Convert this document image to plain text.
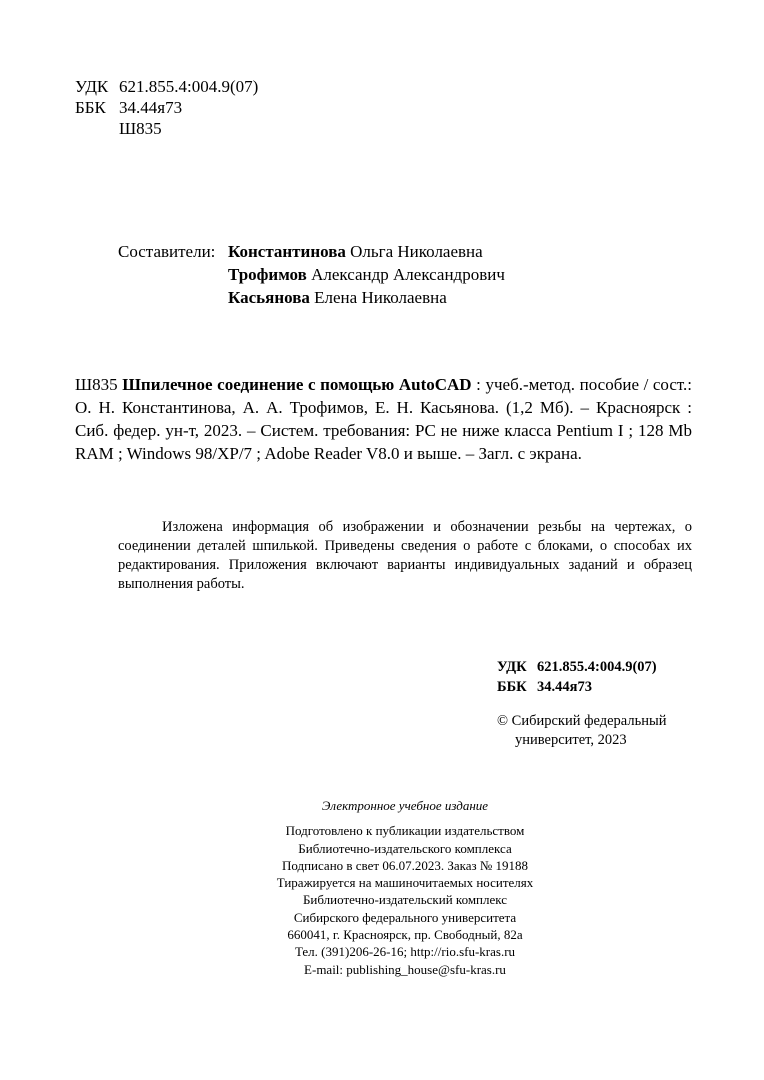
УДК 621.855.4:004.9(07)
ББК 34.44я73
Ш835
Составители: Константинова Ольга Николаевна
Трофимов Александр Александрович
Касьянова Елена Николаевна
Ш835 Шпилечное соединение с помощью AutoCAD : учеб.-метод. пособие / сост.: О. Н. Константинова, А. А. Трофимов, Е. Н. Касьянова. (1,2 Мб). – Красноярск : Сиб. федер. ун-т, 2023. – Систем. требования: PC не ниже класса Pentium I ; 128 Mb RAM ; Windows 98/XP/7 ; Adobe Reader V8.0 и выше. – Загл. с экрана.
Изложена информация об изображении и обозначении резьбы на чертежах, о соединении деталей шпилькой. Приведены сведения о работе с блоками, о способах их редактирования. Приложения включают варианты индивидуальных заданий и образец выполнения работы.
УДК 621.855.4:004.9(07)
ББК 34.44я73
© Сибирский федеральный
университет, 2023
Электронное учебное издание
Подготовлено к публикации издательством
Библиотечно-издательского комплекса
Подписано в свет 06.07.2023. Заказ № 19188
Тиражируется на машиночитаемых носителях
Библиотечно-издательский комплекс
Сибирского федерального университета
660041, г. Красноярск, пр. Свободный, 82а
Тел. (391)206-26-16; http://rio.sfu-kras.ru
E-mail: publishing_house@sfu-kras.ru
